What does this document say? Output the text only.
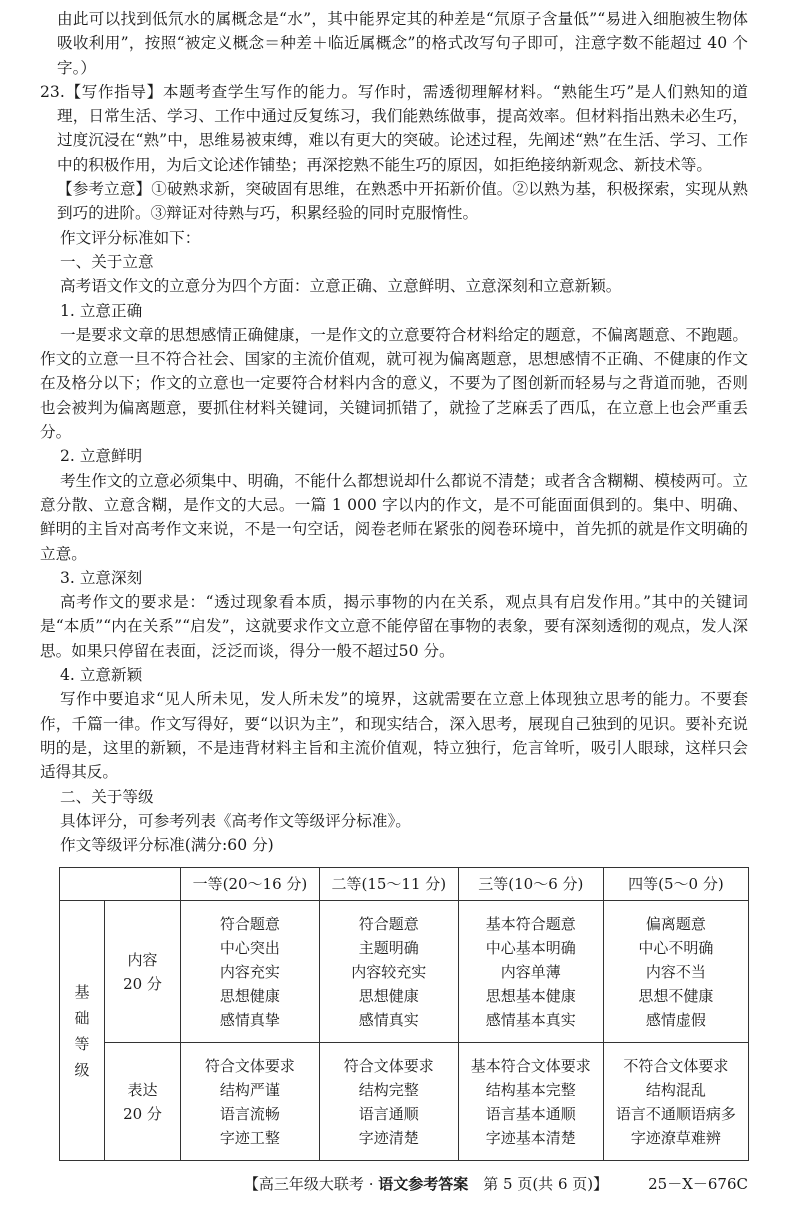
由此可以找到低氘水的属概念是“水”，其中能界定其的种差是“氘原子含量低”“易进入细胞被生物体吸收利用”，按照“被定义概念＝种差＋临近属概念”的格式改写句子即可，注意字数不能超过 40 个字。）

23.【写作指导】本题考查学生写作的能力。写作时，需透彻理解材料。“熟能生巧”是人们熟知的道理，日常生活、学习、工作中通过反复练习，我们能熟练做事，提高效率。但材料指出熟未必生巧，过度沉浸在“熟”中，思维易被束缚，难以有更大的突破。论述过程，先阐述“熟”在生活、学习、工作中的积极作用，为后文论述作铺垫；再深挖熟不能生巧的原因，如拒绝接纳新观念、新技术等。

【参考立意】①破熟求新，突破固有思维，在熟悉中开拓新价值。②以熟为基，积极探索，实现从熟到巧的进阶。③辩证对待熟与巧，积累经验的同时克服惰性。

作文评分标准如下：

一、关于立意

高考语文作文的立意分为四个方面：立意正确、立意鲜明、立意深刻和立意新颖。

1. 立意正确

一是要求文章的思想感情正确健康，一是作文的立意要符合材料给定的题意，不偏离题意、不跑题。作文的立意一旦不符合社会、国家的主流价值观，就可视为偏离题意，思想感情不正确、不健康的作文在及格分以下；作文的立意也一定要符合材料内含的意义，不要为了图创新而轻易与之背道而驰，否则也会被判为偏离题意，要抓住材料关键词，关键词抓错了，就捡了芝麻丢了西瓜，在立意上也会严重丢分。

2. 立意鲜明

考生作文的立意必须集中、明确，不能什么都想说却什么都说不清楚；或者含含糊糊、模棱两可。立意分散、立意含糊，是作文的大忌。一篇 1 000 字以内的作文，是不可能面面俱到的。集中、明确、鲜明的主旨对高考作文来说，不是一句空话，阅卷老师在紧张的阅卷环境中，首先抓的就是作文明确的立意。

3. 立意深刻

高考作文的要求是：“透过现象看本质，揭示事物的内在关系，观点具有启发作用。”其中的关键词是“本质”“内在关系”“启发”，这就要求作文立意不能停留在事物的表象，要有深刻透彻的观点，发人深思。如果只停留在表面，泛泛而谈，得分一般不超过50 分。

4. 立意新颖

写作中要追求“见人所未见，发人所未发”的境界，这就需要在立意上体现独立思考的能力。不要套作，千篇一律。作文写得好，要“以识为主”，和现实结合，深入思考，展现自己独到的见识。要补充说明的是，这里的新颖，不是违背材料主旨和主流价值观，特立独行，危言耸听，吸引人眼球，这样只会适得其反。

二、关于等级

具体评分，可参考列表《高考作文等级评分标准》。

作文等级评分标准(满分:60 分)

		一等(20～16 分)	二等(15～11 分)	三等(10～6 分)	四等(5～0 分)

基
础
等
级	内容
20 分	符合题意
中心突出
内容充实
思想健康
感情真挚	符合题意
主题明确
内容较充实
思想健康
感情真实	基本符合题意
中心基本明确
内容单薄
思想基本健康
感情基本真实	偏离题意
中心不明确
内容不当
思想不健康
感情虚假

	表达
20 分	符合文体要求
结构严谨
语言流畅
字迹工整	符合文体要求
结构完整
语言通顺
字迹清楚	基本符合文体要求
结构基本完整
语言基本通顺
字迹基本清楚	不符合文体要求
结构混乱
语言不通顺语病多
字迹潦草难辨
【高三年级大联考 · 语文参考答案　第 5 页(共 6 页)】	25－X－676C
